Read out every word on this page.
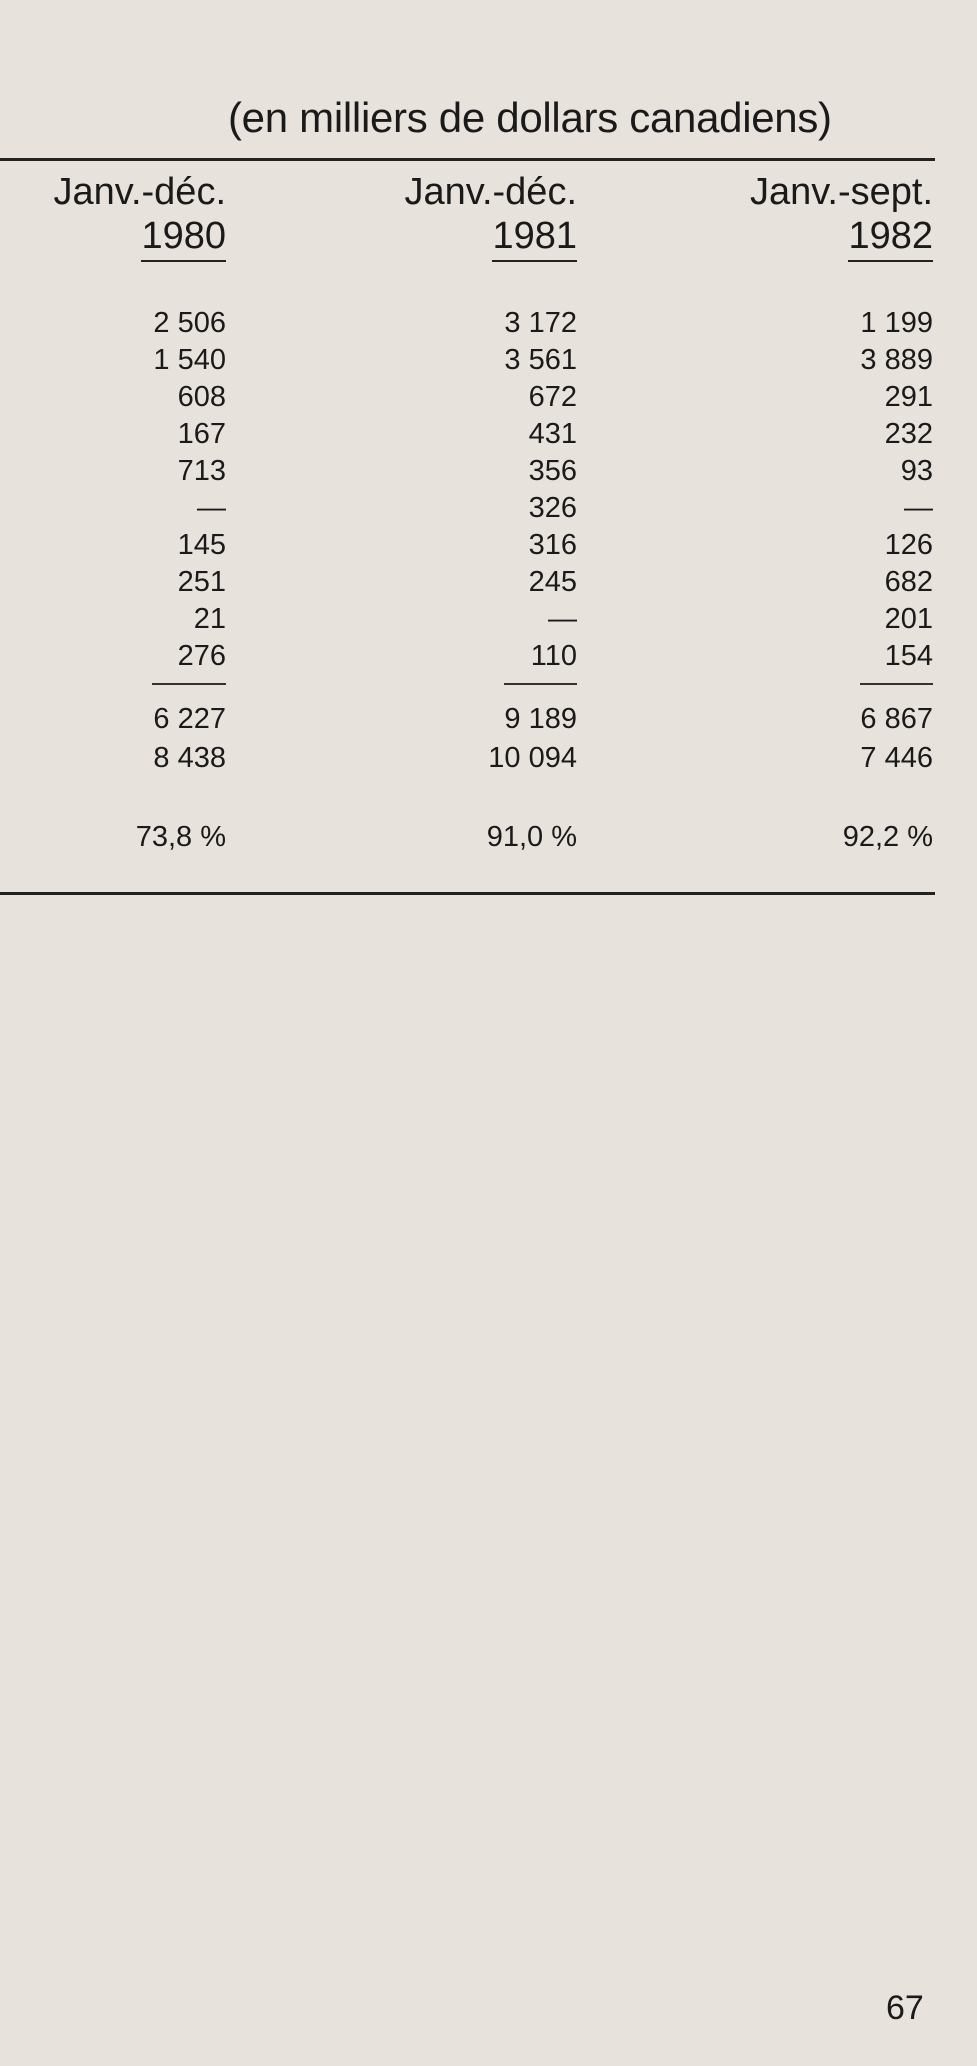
(en milliers de dollars canadiens)
Janv.-déc.
1980
Janv.-déc.
1981
Janv.-sept.
1982
2 506
1 540
608
167
713
—
145
251
21
276
3 172
3 561
672
431
356
326
316
245
—
110
1 199
3 889
291
232
93
—
126
682
201
154
6 227
8 438
9 189
10 094
6 867
7 446
73,8 %	91,0 %	92,2 %
67
